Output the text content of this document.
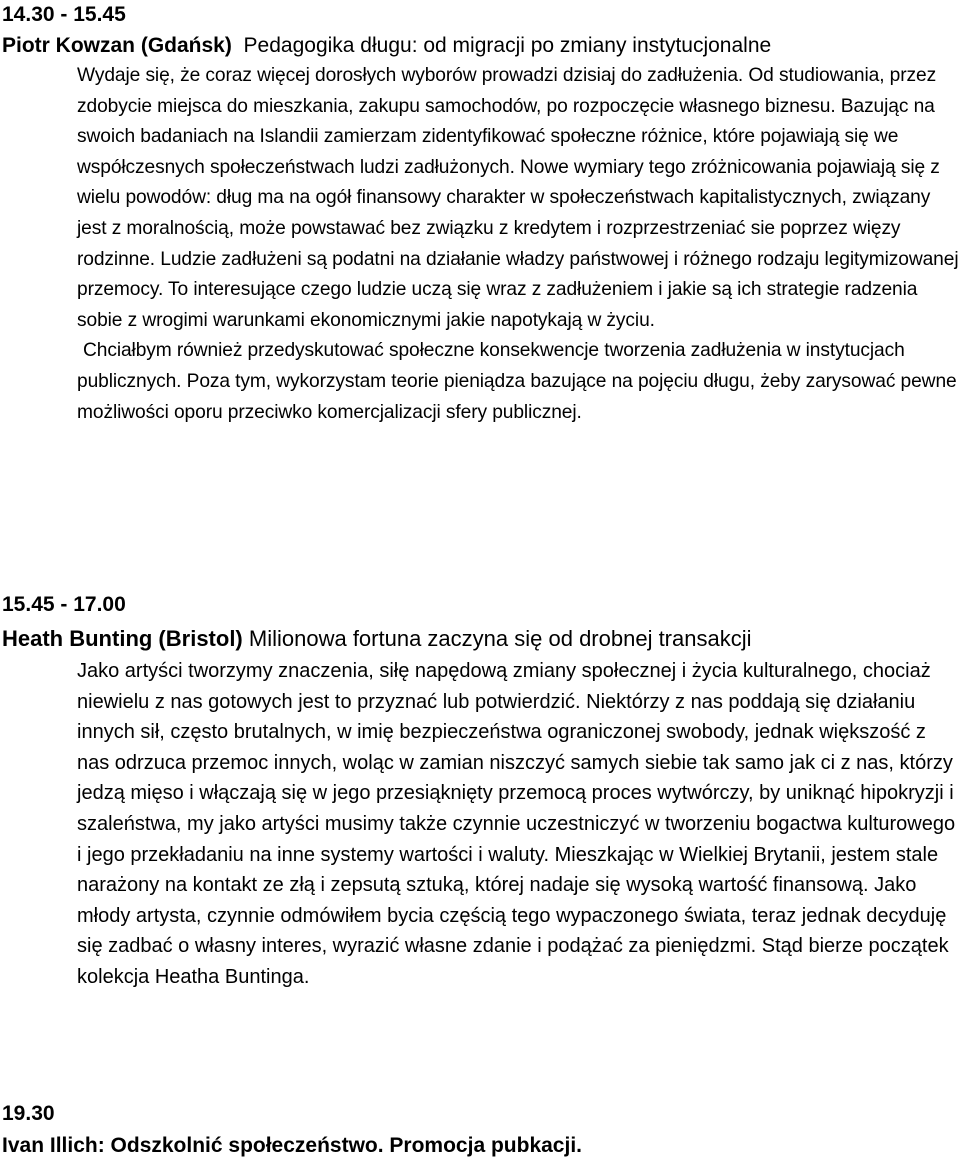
14.30 - 15.45
Piotr Kowzan (Gdańsk) Pedagogika długu: od migracji po zmiany instytucjonalne

Wydaje się, że coraz więcej dorosłych wyborów prowadzi dzisiaj do zadłużenia. Od studiowania, przez zdobycie miejsca do mieszkania, zakupu samochodów, po rozpoczęcie własnego biznesu. Bazując na swoich badaniach na Islandii zamierzam zidentyfikować społeczne różnice, które pojawiają się we współczesnych społeczeństwach ludzi zadłużonych. Nowe wymiary tego zróżnicowania pojawiają się z wielu powodów: dług ma na ogół finansowy charakter w społeczeństwach kapitalistycznych, związany jest z moralnością, może powstawać bez związku z kredytem i rozprzestrzeniać sie poprzez więzy rodzinne. Ludzie zadłużeni są podatni na działanie władzy państwowej i różnego rodzaju legitymizowanej przemocy. To interesujące czego ludzie uczą się wraz z zadłużeniem i jakie są ich strategie radzenia sobie z wrogimi warunkami ekonomicznymi jakie napotykają w życiu.

Chciałbym również przedyskutować społeczne konsekwencje tworzenia zadłużenia w instytucjach publicznych. Poza tym, wykorzystam teorie pieniądza bazujące na pojęciu długu, żeby zarysować pewne możliwości oporu przeciwko komercjalizacji sfery publicznej.

15.45 - 17.00
Heath Bunting (Bristol) Milionowa fortuna zaczyna się od drobnej transakcji

Jako artyści tworzymy znaczenia, siłę napędową zmiany społecznej i życia kulturalnego, chociaż niewielu z nas gotowych jest to przyznać lub potwierdzić. Niektórzy z nas poddają się działaniu innych sił, często brutalnych, w imię bezpieczeństwa ograniczonej swobody, jednak większość z nas odrzuca przemoc innych, woląc w zamian niszczyć samych siebie tak samo jak ci z nas, którzy jedzą mięso i włączają się w jego przesiąknięty przemocą proces wytwórczy, by uniknąć hipokryzji i szaleństwa, my jako artyści musimy także czynnie uczestniczyć w tworzeniu bogactwa kulturowego i jego przekładaniu na inne systemy wartości i waluty. Mieszkając w Wielkiej Brytanii, jestem stale narażony na kontakt ze złą i zepsutą sztuką, której nadaje się wysoką wartość finansową. Jako młody artysta, czynnie odmówiłem bycia częścią tego wypaczonego świata, teraz jednak decyduję się zadbać o własny interes, wyrazić własne zdanie i podążać za pieniędzmi. Stąd bierze początek kolekcja Heatha Buntinga.

19.30
Ivan Illich: Odszkolnić społeczeństwo. Promocja pubkacji.
